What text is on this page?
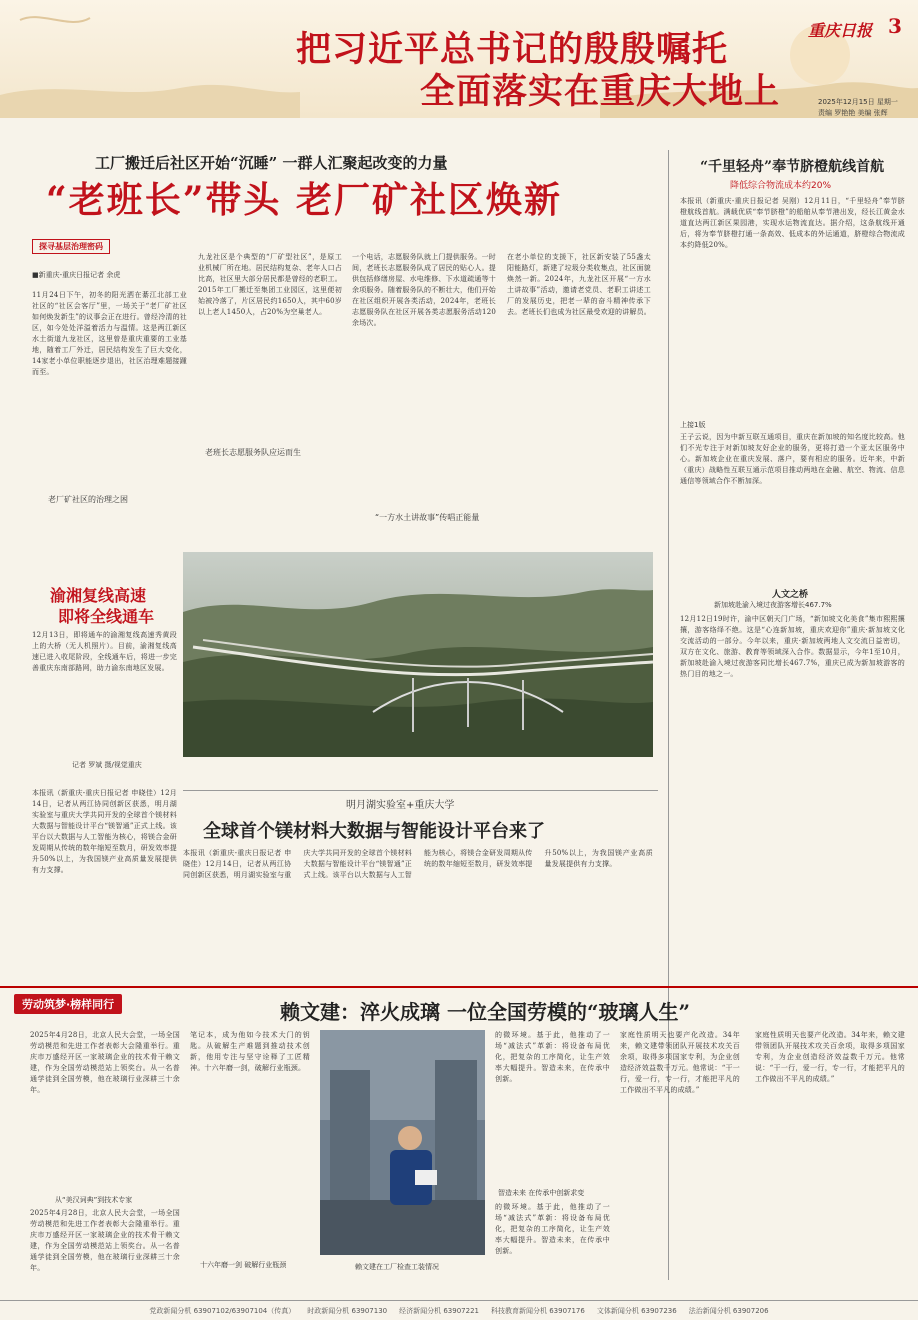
把习近平总书记的殷殷嘱托
全面落实在重庆大地上
重庆日报 3
2025年12月15日 星期一
责编 罗艳艳 美编 张辉
工厂搬迁后社区开始“沉睡” 一群人汇聚起改变的力量
“老班长”带头 老厂矿社区焕新
探寻基层治理密码
■新重庆-重庆日报记者 余虎
11月24日下午，初冬的阳光洒在綦江北部工业社区的“社区会客厅”里，一场关于“老厂矿社区如何焕发新生”的议事会正在进行。曾经冷清的社区，如今处处洋溢着活力与温情。这是两江新区水土街道九龙社区，这里曾是重庆重要的工业基地，随着工厂外迁，居民结构发生了巨大变化，14家老小单位职能逐步退出，社区治理难题接踵而至。
老厂矿社区的治理之困
九龙社区是个典型的“厂矿型社区”，是原工业机械厂所在地。居民结构复杂、老年人口占比高，社区里大部分居民都是曾经的老职工。2015年工厂搬迁至集团工业园区，这里便初始被冷落了，片区居民约1650人，其中60岁以上老人1450人，占20%为空巢老人。
老班长志愿服务队应运而生
一个电话，志愿服务队就上门提供服务。一时间，老班长志愿服务队成了居民的贴心人。提供包括修缮房屋、水电维修、下水道疏通等十余项服务。随着服务队的不断壮大，他们开始在社区组织开展各类活动，2024年，老班长志愿服务队在社区开展各类志愿服务活动120余场次。
“一方水土讲故事”传唱正能量
在老小单位的支援下，社区新安装了55盏太阳能路灯，新建了垃圾分类收集点，社区面貌焕然一新。2024年，九龙社区开展“一方水土讲故事”活动，邀请老党员、老职工讲述工厂的发展历史，把老一辈的奋斗精神传承下去。老班长们也成为社区最受欢迎的讲解员。
“千里轻舟”奉节脐橙航线首航
降低综合物流成本约20%
本报讯（新重庆-重庆日报记者 吴刚）12月11日，“千里轻舟”奉节脐橙航线首航。满载优质“奉节脐橙”的船舶从奉节港出发，经长江黄金水道直达两江新区果园港，实现水运物流直达。据介绍，这条航线开通后，将为奉节脐橙打通一条高效、低成本的外运通道，脐橙综合物流成本约降低20%。
上接1版
王子云说，因为中新互联互通项目，重庆在新加坡的知名度比较高。他们不光专注于对新加坡友好企业的服务，更将打造一个亚太区服务中心。新加坡企业在重庆发展、落户，要有相应的服务。近年来，中新（重庆）战略性互联互通示范项目推动两地在金融、航空、物流、信息通信等领域合作不断加深。
人文之桥
新加坡赴渝入境过夜游客增长467.7%
12月12日19时许，渝中区朝天门广场，“新加坡文化美食”集市熙熙攘攘，游客络绎不绝。这是“心连新加坡，重庆欢迎你”重庆·新加坡文化交流活动的一部分。今年以来，重庆·新加坡两地人文交流日益密切，双方在文化、旅游、教育等领域深入合作。数据显示，今年1至10月，新加坡赴渝入境过夜游客同比增长467.7%，重庆已成为新加坡游客的热门目的地之一。
渝湘复线高速
即将全线通车
12月13日，即将通车的渝湘复线高速秀黄段上的大桥（无人机照片）。目前，渝湘复线高速已进入收尾阶段，全线通车后，将进一步完善重庆东南部路网，助力渝东南地区发展。
记者 罗斌 摄/视觉重庆
明月湖实验室+重庆大学
全球首个镁材料大数据与智能设计平台来了
本报讯（新重庆-重庆日报记者 申晓佳）12月14日，记者从两江协同创新区获悉，明月湖实验室与重庆大学共同开发的全球首个镁材料大数据与智能设计平台“镁智通”正式上线。该平台以大数据与人工智能为核心，将镁合金研发周期从传统的数年缩短至数月，研发效率提升50%以上，为我国镁产业高质量发展提供有力支撑。
本报讯（新重庆-重庆日报记者 申晓佳）12月14日，记者从两江协同创新区获悉，明月湖实验室与重庆大学共同开发的全球首个镁材料大数据与智能设计平台“镁智通”正式上线。该平台以大数据与人工智能为核心，将镁合金研发周期从传统的数年缩短至数月，研发效率提升50%以上，为我国镁产业高质量发展提供有力支撑。
劳动筑梦·榜样同行	赖文建：淬火成璃 一位全国劳模的“玻璃人生”
从“美汉词典”到技术专家
2025年4月28日，北京人民大会堂，一场全国劳动模范和先进工作者表彰大会隆重举行。重庆市万盛经开区一家玻璃企业的技术骨干赖文建，作为全国劳动模范站上领奖台。从一名普通学徒到全国劳模，他在玻璃行业深耕三十余年。
2025年4月28日，北京人民大会堂，一场全国劳动模范和先进工作者表彰大会隆重举行。重庆市万盛经开区一家玻璃企业的技术骨干赖文建，作为全国劳动模范站上领奖台。从一名普通学徒到全国劳模，他在玻璃行业深耕三十余年。
笔记本，成为他如今技术大门的钥匙。从破解生产难题到推动技术创新，他用专注与坚守诠释了工匠精神。十六年磨一剑，破解行业瓶颈。
十六年磨一剑 破解行业瓶颈	赖文建在工厂检查工装情况
的微环境。基于此，他推动了一场“减法式”革新：将设备布局优化，把复杂的工序简化，让生产效率大幅提升。智造未来，在传承中创新。
智造未来 在传承中创新求变
的微环境。基于此，他推动了一场“减法式”革新：将设备布局优化，把复杂的工序简化，让生产效率大幅提升。智造未来，在传承中创新。
家庭性质明天也要产化改造。34年来，赖文建带领团队开展技术攻关百余项，取得多项国家专利，为企业创造经济效益数千万元。他常说：“干一行，爱一行，专一行，才能把平凡的工作做出不平凡的成绩。”
家庭性质明天也要产化改造。34年来，赖文建带领团队开展技术攻关百余项，取得多项国家专利，为企业创造经济效益数千万元。他常说：“干一行，爱一行，专一行，才能把平凡的工作做出不平凡的成绩。”
党政新闻分机 63907102/63907104（传真） 时政新闻分机 63907130 经济新闻分机 63907221 科技教育新闻分机 63907176 文体新闻分机 63907236 法治新闻分机 63907206
